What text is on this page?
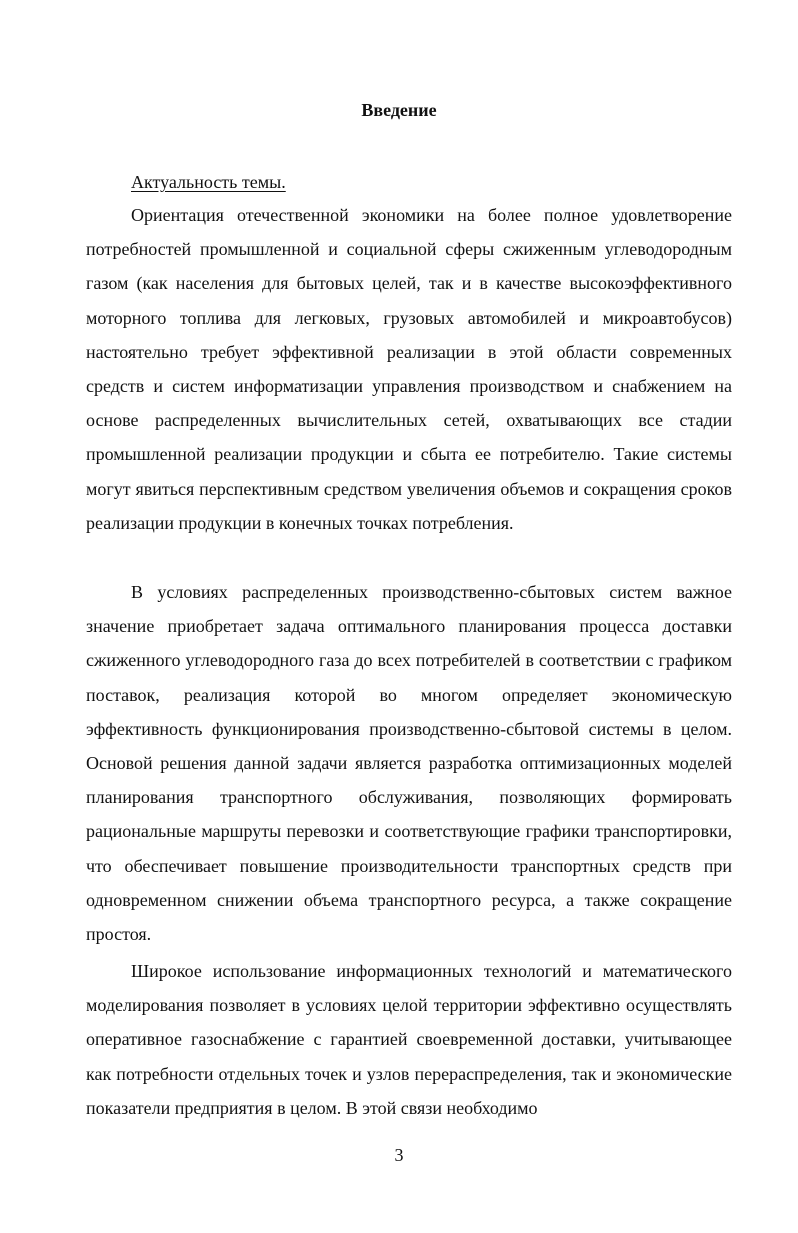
Введение
Актуальность темы.

Ориентация отечественной экономики на более полное удовлетворение потребностей промышленной и социальной сферы сжиженным углеводородным газом (как населения для бытовых целей, так и в качестве высокоэффективного моторного топлива для легковых, грузовых автомобилей и микроавтобусов) настоятельно требует эффективной реализации в этой области современных средств и систем информатизации управления производством и снабжением на основе распределенных вычислительных сетей, охватывающих все стадии промышленной реализации продукции и сбыта ее потребителю. Такие системы могут явиться перспективным средством увеличения объемов и сокращения сроков реализации продукции в конечных точках потребления.

В условиях распределенных производственно-сбытовых систем важное значение приобретает задача оптимального планирования процесса доставки сжиженного углеводородного газа до всех потребителей в соответствии с графиком поставок, реализация которой во многом определяет экономическую эффективность функционирования производственно-сбытовой системы в целом. Основой решения данной задачи является разработка оптимизационных моделей планирования транспортного обслуживания, позволяющих формировать рациональные маршруты перевозки и соответствующие графики транспортировки, что обеспечивает повышение производительности транспортных средств при одновременном снижении объема транспортного ресурса, а также сокращение простоя.

Широкое использование информационных технологий и математического моделирования позволяет в условиях целой территории эффективно осуществлять оперативное газоснабжение с гарантией своевременной доставки, учитывающее как потребности отдельных точек и узлов перераспределения, так и экономические показатели предприятия в целом. В этой связи необходимо

3
